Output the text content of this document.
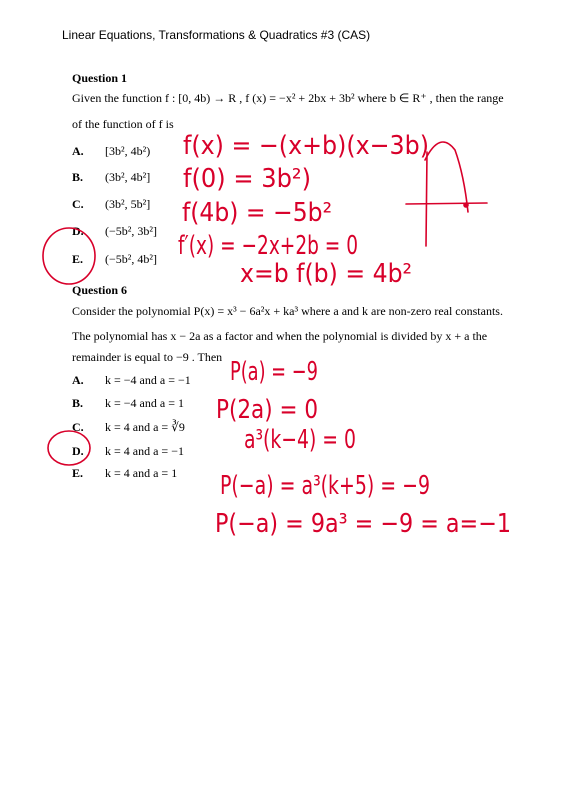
Linear Equations, Transformations & Quadratics #3 (CAS)
Question 1
Given the function f : [0, 4b) → R , f (x) = −x² + 2bx + 3b² where b ∈ R⁺ , then the range
of the function of f is
A. [3b², 4b²)
B. (3b², 4b²]
C. (3b², 5b²]
D. (−5b², 3b²]
E. (−5b², 4b²]
Question 6
Consider the polynomial P(x) = x³ − 6a²x + ka³ where a and k are non-zero real constants.
The polynomial has x − 2a as a factor and when the polynomial is divided by x + a the
remainder is equal to −9 . Then
A. k = −4 and a = −1
B. k = −4 and a = 1
C. k = 4 and a = ∛9
D. k = 4 and a = −1
E. k = 4 and a = 1
f(x) = −(x+b)(x−3b)
f(0) = 3b²)
f(4b) = −5b²
f′(x) = −2x+2b = 0
x=b f(b) = 4b²
P(a) = −9
P(2a) = 0
a³(k−4) = 0
P(−a) = a³(k+5) = −9
P(−a) = 9a³ = −9 = a=−1
